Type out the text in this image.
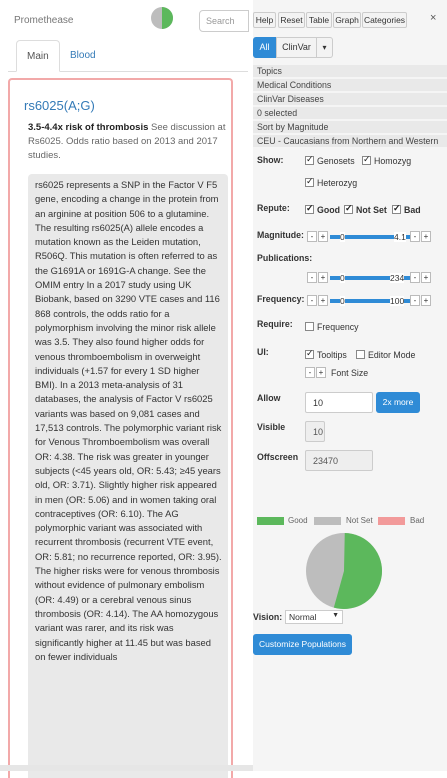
Promethease	Search
Main	Blood
rs6025(A;G)
3.5-4.4x risk of thrombosis See discussion at Rs6025. Odds ratio based on 2013 and 2017 studies.
rs6025 represents a SNP in the Factor V F5 gene, encoding a change in the protein from an arginine at position 506 to a glutamine. The resulting rs6025(A) allele encodes a mutation known as the Leiden mutation, R506Q. This mutation is often referred to as the G1691A or 1691G-A change. See the OMIM entry In a 2017 study using UK Biobank, based on 3290 VTE cases and 116 868 controls, the odds ratio for a polymorphism involving the minor risk allele was 3.5. They also found higher odds for venous thromboembolism in overweight individuals (+1.57 for every 1 SD higher BMI). In a 2013 meta-analysis of 31 databases, the analysis of Factor V rs6025 variants was based on 9,081 cases and 17,513 controls. The polymorphic variant risk for Venous Thromboembolism was overall OR: 4.38. The risk was greater in younger subjects (<45 years old, OR: 5.43; ≥45 years old, OR: 3.71). Slightly higher risk appeared in men (OR: 5.06) and in women taking oral contraceptives (OR: 6.10). The AG polymorphic variant was associated with recurrent thrombosis (recurrent VTE event, OR: 5.81; no recurrence reported, OR: 3.95). The higher risks were for venous thrombosis without evidence of pulmonary embolism (OR: 4.49) or a cerebral venous sinus thrombosis (OR: 4.14). The AA homozygous variant was rarer, and its risk was significantly higher at 11.45 but was based on fewer individuals
Help Reset Table Graph Categories ×
All	ClinVar	▾
Topics
Medical Conditions
ClinVar Diseases
0 selected
Sort by Magnitude
CEU - Caucasians from Northern and Western
Show: ✓	Genosets ✓	Homozyg
✓Heterozyg
Repute: ✓	Good ✓	Not Set ✓	Bad
Magnitude: - +	0	4.1 - +
Publications:
- +	0	234	- +
Frequency: - +	0	100	- +
Require:	Frequency
UI: ✓	Tooltips	Editor Mode
- + Font Size
Allow	10	2x more
Visible	10
Offscreen	23470
Good	Not Set	Bad
Vision: Normal ▼
Customize Populations
